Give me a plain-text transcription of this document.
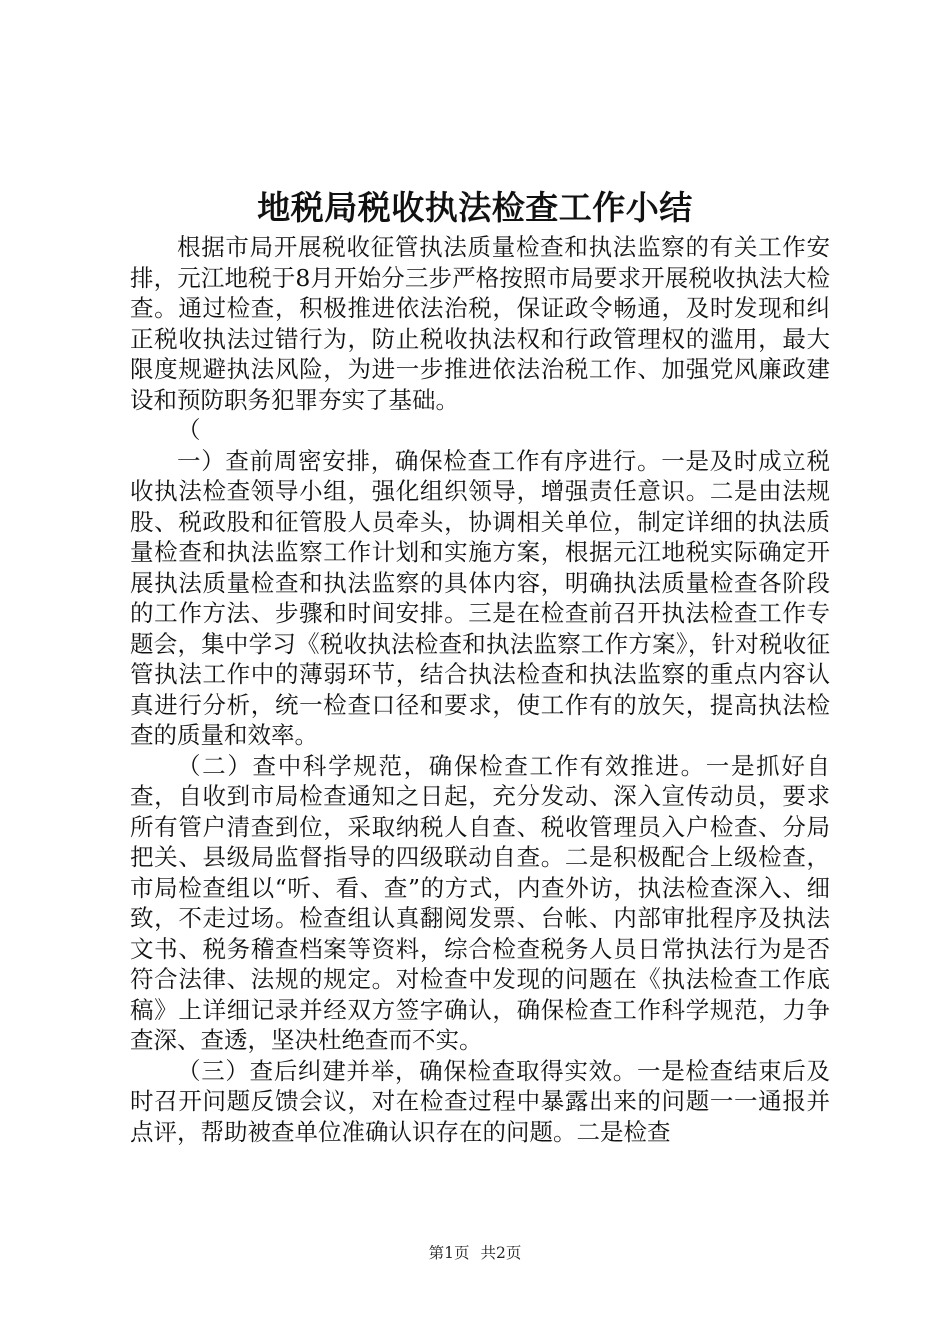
地税局税收执法检查工作小结

根据市局开展税收征管执法质量检查和执法监察的有关工作安排，元江地税于8月开始分三步严格按照市局要求开展税收执法大检查。通过检查，积极推进依法治税，保证政令畅通，及时发现和纠正税收执法过错行为，防止税收执法权和行政管理权的滥用，最大限度规避执法风险，为进一步推进依法治税工作、加强党风廉政建设和预防职务犯罪夯实了基础。

（

一）查前周密安排，确保检查工作有序进行。一是及时成立税收执法检查领导小组，强化组织领导，增强责任意识。二是由法规股、税政股和征管股人员牵头，协调相关单位，制定详细的执法质量检查和执法监察工作计划和实施方案，根据元江地税实际确定开展执法质量检查和执法监察的具体内容，明确执法质量检查各阶段的工作方法、步骤和时间安排。三是在检查前召开执法检查工作专题会，集中学习《税收执法检查和执法监察工作方案》，针对税收征管执法工作中的薄弱环节，结合执法检查和执法监察的重点内容认真进行分析，统一检查口径和要求，使工作有的放矢，提高执法检查的质量和效率。

（二）查中科学规范，确保检查工作有效推进。一是抓好自查，自收到市局检查通知之日起，充分发动、深入宣传动员，要求所有管户清查到位，采取纳税人自查、税收管理员入户检查、分局把关、县级局监督指导的四级联动自查。二是积极配合上级检查，市局检查组以“听、看、查”的方式，内查外访，执法检查深入、细致，不走过场。检查组认真翻阅发票、台帐、内部审批程序及执法文书、税务稽查档案等资料，综合检查税务人员日常执法行为是否符合法律、法规的规定。对检查中发现的问题在《执法检查工作底稿》上详细记录并经双方签字确认，确保检查工作科学规范，力争查深、查透，坚决杜绝查而不实。

（三）查后纠建并举，确保检查取得实效。一是检查结束后及时召开问题反馈会议，对在检查过程中暴露出来的问题一一通报并点评，帮助被查单位准确认识存在的问题。二是检查

第1页 共2页
